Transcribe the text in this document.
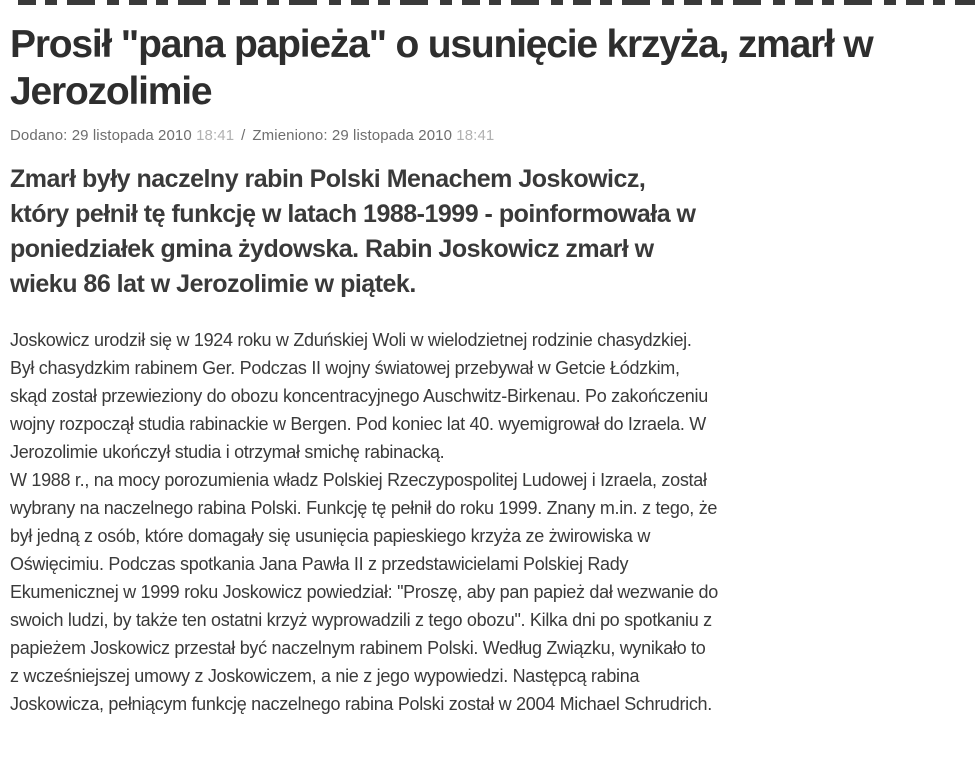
Prosił "pana papieża" o usunięcie krzyża, zmarł w Jerozolimie
Dodano: 29 listopada 2010 18:41 / Zmieniono: 29 listopada 2010 18:41

Zmarł były naczelny rabin Polski Menachem Joskowicz, który pełnił tę funkcję w latach 1988-1999 - poinformowała w poniedziałek gmina żydowska. Rabin Joskowicz zmarł w wieku 86 lat w Jerozolimie w piątek.

Joskowicz urodził się w 1924 roku w Zduńskiej Woli w wielodzietnej rodzinie chasydzkiej. Był chasydzkim rabinem Ger. Podczas II wojny światowej przebywał w Getcie Łódzkim, skąd został przewieziony do obozu koncentracyjnego Auschwitz-Birkenau. Po zakończeniu wojny rozpoczął studia rabinackie w Bergen. Pod koniec lat 40. wyemigrował do Izraela. W Jerozolimie ukończył studia i otrzymał smichę rabinacką.

W 1988 r., na mocy porozumienia władz Polskiej Rzeczypospolitej Ludowej i Izraela, został wybrany na naczelnego rabina Polski. Funkcję tę pełnił do roku 1999. Znany m.in. z tego, że był jedną z osób, które domagały się usunięcia papieskiego krzyża ze żwirowiska w Oświęcimiu. Podczas spotkania Jana Pawła II z przedstawicielami Polskiej Rady Ekumenicznej w 1999 roku Joskowicz powiedział: "Proszę, aby pan papież dał wezwanie do swoich ludzi, by także ten ostatni krzyż wyprowadzili z tego obozu". Kilka dni po spotkaniu z papieżem Joskowicz przestał być naczelnym rabinem Polski. Według Związku, wynikało to z wcześniejszej umowy z Joskowiczem, a nie z jego wypowiedzi. Następcą rabina Joskowicza, pełniącym funkcję naczelnego rabina Polski został w 2004 Michael Schrudrich.
